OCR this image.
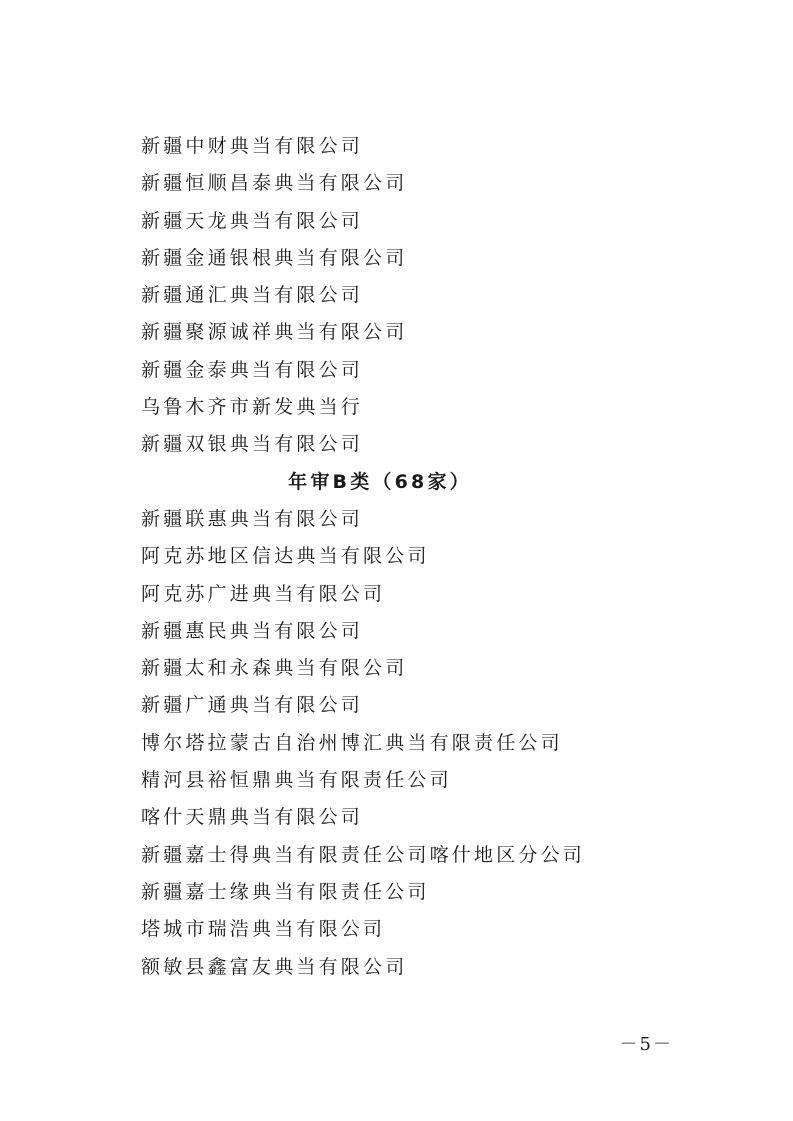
新疆中财典当有限公司
新疆恒顺昌泰典当有限公司
新疆天龙典当有限公司
新疆金通银根典当有限公司
新疆通汇典当有限公司
新疆聚源诚祥典当有限公司
新疆金泰典当有限公司
乌鲁木齐市新发典当行
新疆双银典当有限公司
年审B类（68家）
新疆联惠典当有限公司
阿克苏地区信达典当有限公司
阿克苏广进典当有限公司
新疆惠民典当有限公司
新疆太和永森典当有限公司
新疆广通典当有限公司
博尔塔拉蒙古自治州博汇典当有限责任公司
精河县裕恒鼎典当有限责任公司
喀什天鼎典当有限公司
新疆嘉士得典当有限责任公司喀什地区分公司
新疆嘉士缘典当有限责任公司
塔城市瑞浩典当有限公司
额敏县鑫富友典当有限公司
－5－
